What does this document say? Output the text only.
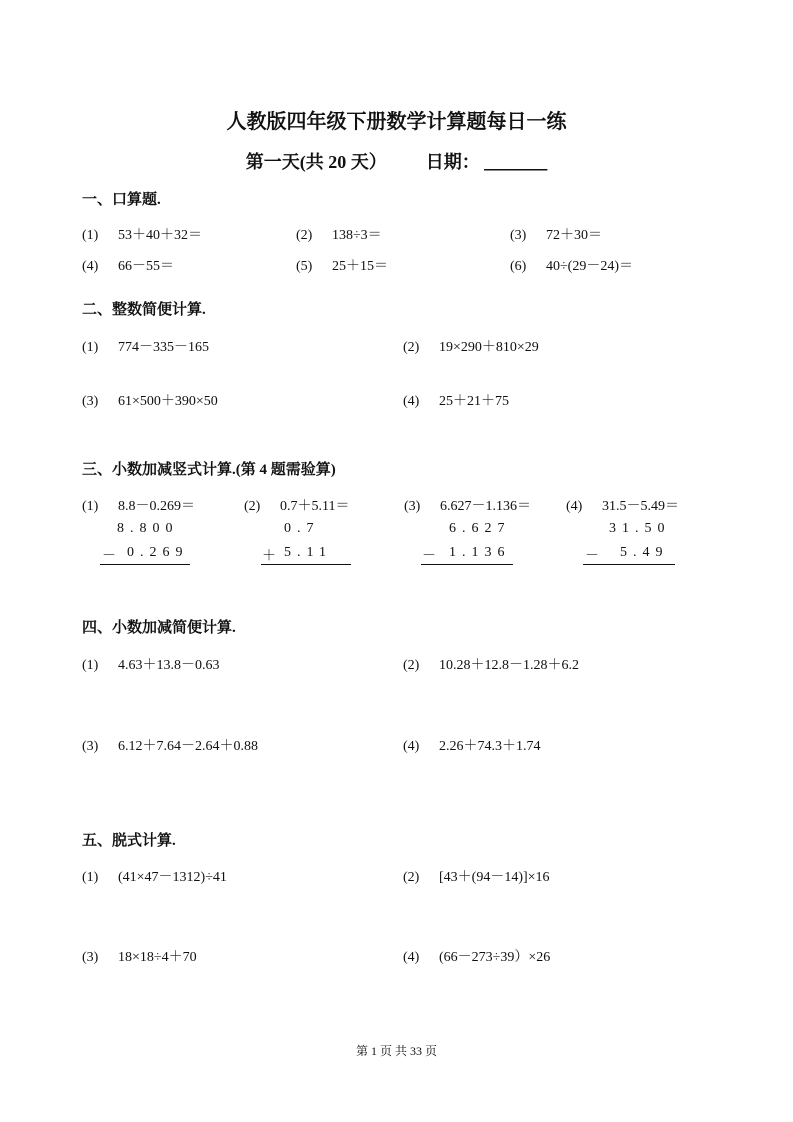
人教版四年级下册数学计算题每日一练
第一天(共 20 天） 日期： _______
一、口算题.
(1) 53＋40＋32＝	(2) 138÷3＝	(3) 72＋30＝
(4) 66－55＝	(5) 25＋15＝	(6) 40÷(29－24)＝
二、整数简便计算.
(1) 774－335－165	(2) 19×290＋810×29
(3) 61×500＋390×50	(4) 25＋21＋75
三、小数加减竖式计算.(第 4 题需验算)
(1) 8.8－0.269＝
8.800
－ 0.269
(2) 0.7＋5.11＝
0.7
＋ 5.11
(3) 6.627－1.136＝
6.627
－ 1.136
(4) 31.5－5.49＝
31.50
－ 5.49
四、小数加减简便计算.
(1) 4.63＋13.8－0.63	(2) 10.28＋12.8－1.28＋6.2
(3) 6.12＋7.64－2.64＋0.88	(4) 2.26＋74.3＋1.74
五、脱式计算.
(1) (41×47－1312)÷41	(2) [43＋(94－14)]×16
(3) 18×18÷4＋70	(4) (66－273÷39）×26
第 1 页 共 33 页
